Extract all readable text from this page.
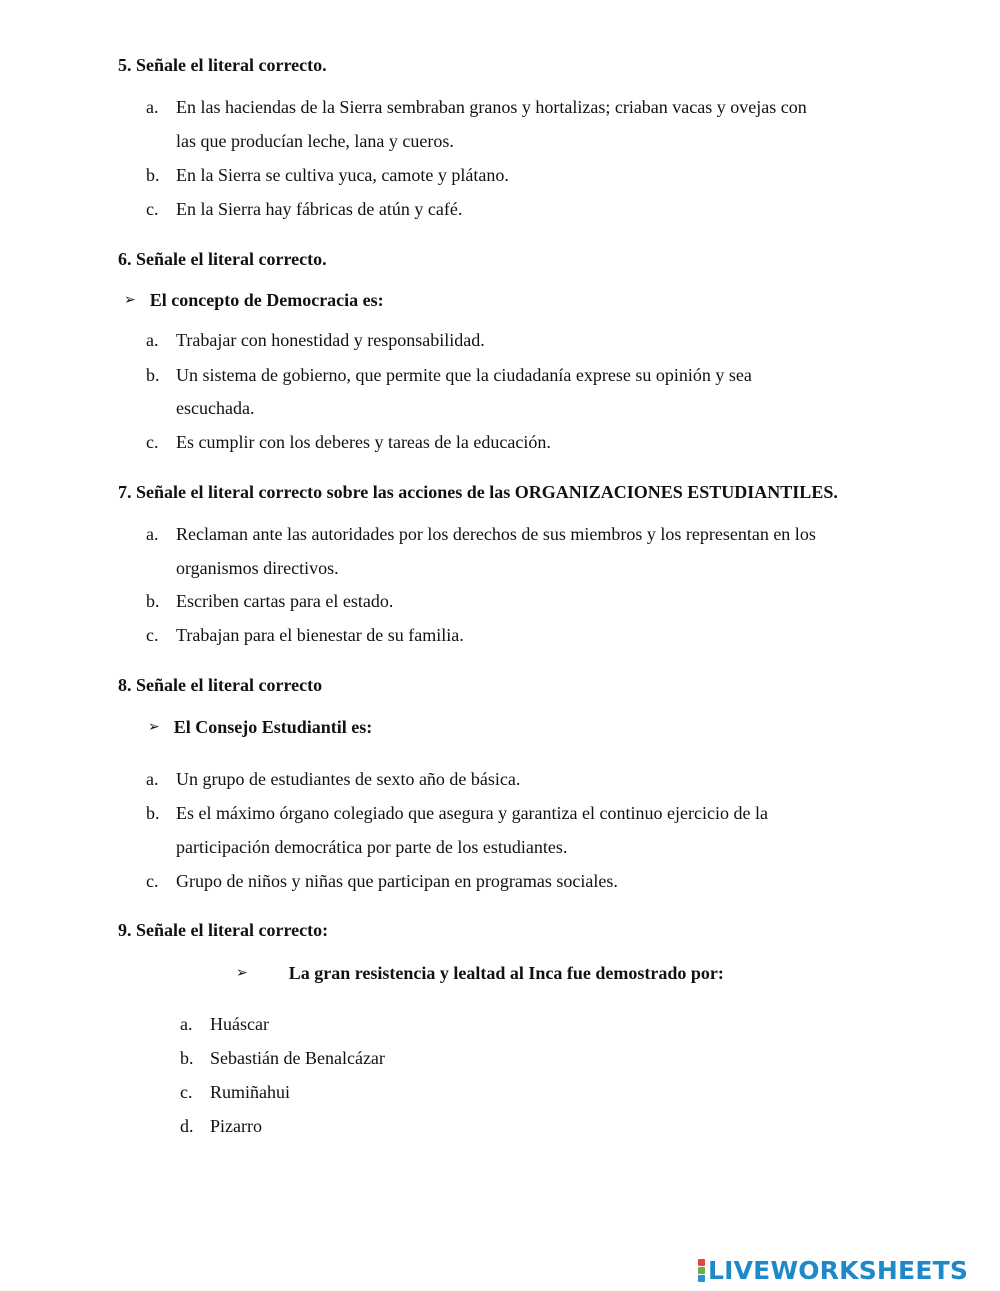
5. Señale el literal correcto.

a. En las haciendas de la Sierra sembraban granos y hortalizas; criaban vacas y ovejas con
las que producían leche, lana y cueros.
b. En la Sierra se cultiva yuca, camote y plátano.
c. En la Sierra hay fábricas de atún y café.

6. Señale el literal correcto.

➢ El concepto de Democracia es:
a. Trabajar con honestidad y responsabilidad.
b. Un sistema de gobierno, que permite que la ciudadanía exprese su opinión y sea
escuchada.
c. Es cumplir con los deberes y tareas de la educación.

7. Señale el literal correcto sobre las acciones de las ORGANIZACIONES ESTUDIANTILES.

a. Reclaman ante las autoridades por los derechos de sus miembros y los representan en los
organismos directivos.
b. Escriben cartas para el estado.
c. Trabajan para el bienestar de su familia.

8. Señale el literal correcto

➢ El Consejo Estudiantil es:
a. Un grupo de estudiantes de sexto año de básica.
b. Es el máximo órgano colegiado que asegura y garantiza el continuo ejercicio de la
participación democrática por parte de los estudiantes.
c. Grupo de niños y niñas que participan en programas sociales.

9. Señale el literal correcto:

➢ La gran resistencia y lealtad al Inca fue demostrado por:
a. Huáscar
b. Sebastián de Benalcázar
c. Rumiñahui
d. Pizarro
LIVEWORKSHEETS
